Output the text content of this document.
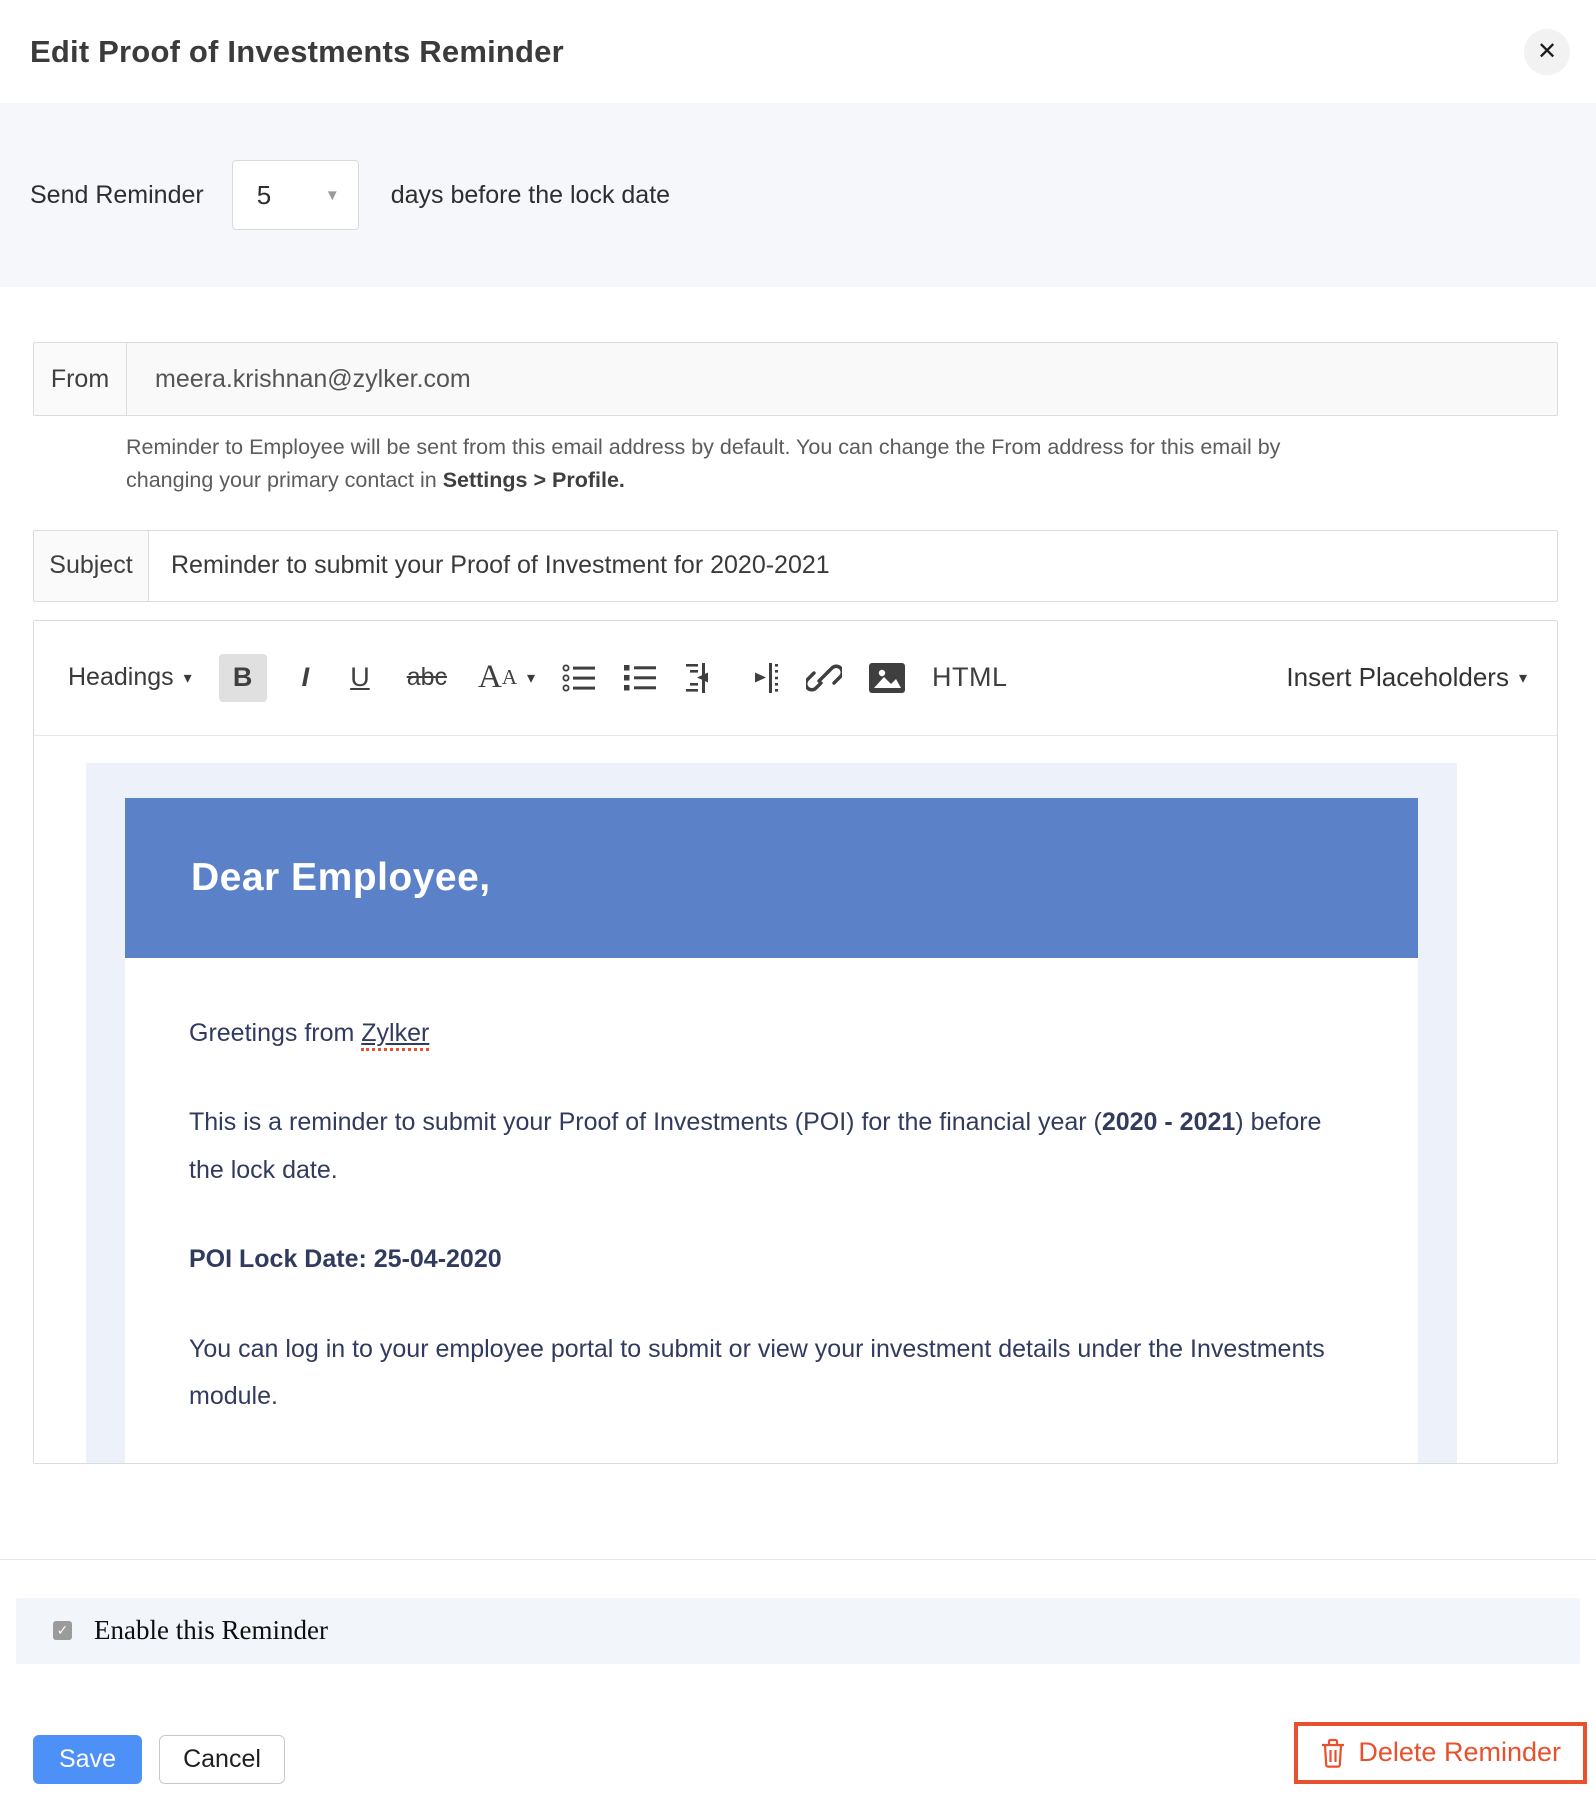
Edit Proof of Investments Reminder	✕
Send Reminder 5	▼ days before the lock date
From	meera.krishnan@zylker.com
Reminder to Employee will be sent from this email address by default. You can change the From address for this email by changing your primary contact in Settings > Profile.
Subject	Reminder to submit your Proof of Investment for 2020-2021
Headings ▾	B	I U abc A A ▾	HTML	Insert Placeholders ▾
Dear Employee,

Greetings from Zylker

This is a reminder to submit your Proof of Investments (POI) for the financial year (2020 - 2021) before the lock date.

POI Lock Date: 25-04-2020

You can log in to your employee portal to submit or view your investment details under the Investments module.

✓ Enable this Reminder
Save	Cancel	Delete Reminder
